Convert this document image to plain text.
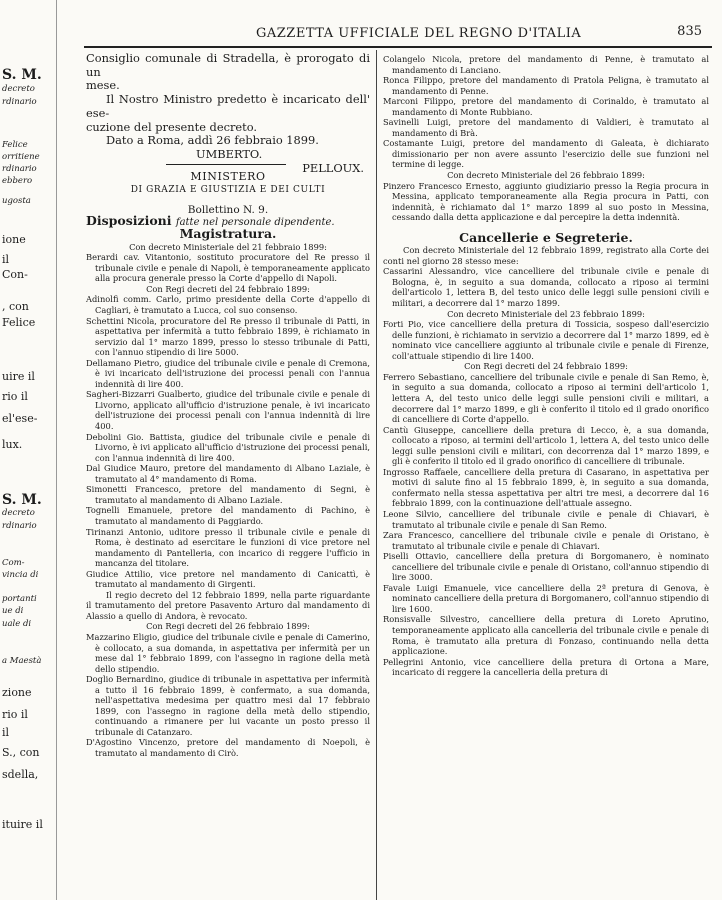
S. M.
decreto
rdinario
Felice
orritiene
rdinario
ebbero
ugosta
ione
il
Con-
, con
Felice
uire il
rio il
el'ese-
lux.
S. M.
decreto
rdinario
Com-
vincia di
portanti
ue di
uale di
a Maestà
zione
rio il
il
S., con
sdella,
ituire il
GAZZETTA UFFICIALE DEL REGNO D'ITALIA	835

Consiglio comunale di Stradella, è prorogato di un

mese.

Il Nostro Ministro predetto è incaricato dell' ese-

cuzione del presente decreto.

Dato a Roma, addì 26 febbraio 1899.

UMBERTO.

PELLOUX.

MINISTERO
DI GRAZIA E GIUSTIZIA E DEI CULTI
Bollettino N. 9.
Disposizioni fatte nel personale dipendente.
Magistratura.

Con decreto Ministeriale del 21 febbraio 1899:

Berardi cav. Vitantonio, sostituto procuratore del Re presso il tribunale civile e penale di Napoli, è temporaneamente applicato alla procura generale presso la Corte d'appello di Napoli.

Con Regi decreti del 24 febbraio 1899:

Adinolfi comm. Carlo, primo presidente della Corte d'appello di Cagliari, è tramutato a Lucca, col suo consenso.

Schettini Nicola, procuratore del Re presso il tribunale di Patti, in aspettativa per infermità a tutto febbraio 1899, è richiamato in servizio dal 1° marzo 1899, presso lo stesso tribunale di Patti, con l'annuo stipendio di lire 5000.

Dellamano Pietro, giudice del tribunale civile e penale di Cremona, è ivi incaricato dell'istruzione dei processi penali con l'annua indennità di lire 400.

Sagheri-Bizzarri Gualberto, giudice del tribunale civile e penale di Livorno, applicato all'ufficio d'istruzione penale, è ivi incaricato dell'istruzione dei processi penali con l'annua indennità di lire 400.

Debolini Gio. Battista, giudice del tribunale civile e penale di Livorno, è ivi applicato all'ufficio d'istruzione dei processi penali, con l'annua indennità di lire 400.

Dal Giudice Mauro, pretore del mandamento di Albano Laziale, è tramutato al 4° mandamento di Roma.

Simonetti Francesco, pretore del mandamento di Segni, è tramutato al mandamento di Albano Laziale.

Tognelli Emanuele, pretore del mandamento di Pachino, è tramutato al mandamento di Paggiardo.

Tirinanzi Antonio, uditore presso il tribunale civile e penale di Roma, è destinato ad esercitare le funzioni di vice pretore nel mandamento di Pantelleria, con incarico di reggere l'ufficio in mancanza del titolare.

Giudice Attilio, vice pretore nel mandamento di Canicattì, è tramutato al mandamento di Girgenti.

Il regio decreto del 12 febbraio 1899, nella parte riguardante il tramutamento del pretore Pasavento Arturo dal mandamento di Alassio a quello di Andora, è revocato.

Con Regi decreti del 26 febbraio 1899:

Mazzarino Eligio, giudice del tribunale civile e penale di Camerino, è collocato, a sua domanda, in aspettativa per infermità per un mese dal 1° febbraio 1899, con l'assegno in ragione della metà dello stipendio.

Doglio Bernardino, giudice di tribunale in aspettativa per infermità a tutto il 16 febbraio 1899, è confermato, a sua domanda, nell'aspettativa medesima per quattro mesi dal 17 febbraio 1899, con l'assegno in ragione della metà dello stipendio, continuando a rimanere per lui vacante un posto presso il tribunale di Catanzaro.

D'Agostino Vincenzo, pretore del mandamento di Noepoli, è tramutato al mandamento di Cirò.

Colangelo Nicola, pretore del mandamento di Penne, è tramutato al mandamento di Lanciano.

Ronca Filippo, pretore del mandamento di Pratola Peligna, è tramutato al mandamento di Penne.

Marconi Filippo, pretore del mandamento di Corinaldo, è tramutato al mandamento di Monte Rubbiano.

Savinelli Luigi, pretore del mandamento di Valdieri, è tramutato al mandamento di Brà.

Costamante Luigi, pretore del mandamento di Galeata, è dichiarato dimissionario per non avere assunto l'esercizio delle sue funzioni nel termine di legge.

Con decreto Ministeriale del 26 febbraio 1899:

Pinzero Francesco Ernesto, aggiunto giudiziario presso la Regia procura in Messina, applicato temporaneamente alla Regia procura in Patti, con indennità, è richiamato dal 1° marzo 1899 al suo posto in Messina, cessando dalla detta applicazione e dal percepire la detta indennità.

Cancellerie e Segreterie.

Con decreto Ministeriale del 12 febbraio 1899, registrato alla Corte dei conti nel giorno 28 stesso mese:

Cassarini Alessandro, vice cancelliere del tribunale civile e penale di Bologna, è, in seguito a sua domanda, collocato a riposo ai termini dell'articolo 1, lettera B, del testo unico delle leggi sulle pensioni civili e militari, a decorrere dal 1° marzo 1899.

Con decreto Ministeriale del 23 febbraio 1899:

Forti Pio, vice cancelliere della pretura di Tossicia, sospeso dall'esercizio delle funzioni, è richiamato in servizio a decorrere dal 1° marzo 1899, ed è nominato vice cancelliere aggiunto al tribunale civile e penale di Firenze, coll'attuale stipendio di lire 1400.

Con Regi decreti del 24 febbraio 1899:

Ferrero Sebastiano, cancelliere del tribunale civile e penale di San Remo, è, in seguito a sua domanda, collocato a riposo ai termini dell'articolo 1, lettera A, del testo unico delle leggi sulle pensioni civili e militari, a decorrere dal 1° marzo 1899, e gli è conferito il titolo ed il grado onorifico di cancelliere di Corte d'appello.

Cantù Giuseppe, cancelliere della pretura di Lecco, è, a sua domanda, collocato a riposo, ai termini dell'articolo 1, lettera A, del testo unico delle leggi sulle pensioni civili e militari, con decorrenza dal 1° marzo 1899, e gli è conferito il titolo ed il grado onorifico di cancelliere di tribunale.

Ingrosso Raffaele, cancelliere della pretura di Casarano, in aspettativa per motivi di salute fino al 15 febbraio 1899, è, in seguito a sua domanda, confermato nella stessa aspettativa per altri tre mesi, a decorrere dal 16 febbraio 1899, con la continuazione dell'attuale assegno.

Leone Silvio, cancelliere del tribunale civile e penale di Chiavari, è tramutato al tribunale civile e penale di San Remo.

Zara Francesco, cancelliere del tribunale civile e penale di Oristano, è tramutato al tribunale civile e penale di Chiavari.

Piselli Ottavio, cancelliere della pretura di Borgomanero, è nominato cancelliere del tribunale civile e penale di Oristano, coll'annuo stipendio di lire 3000.

Favale Luigi Emanuele, vice cancelliere della 2ª pretura di Genova, è nominato cancelliere della pretura di Borgomanero, coll'annuo stipendio di lire 1600.

Ronsisvalle Silvestro, cancelliere della pretura di Loreto Aprutino, temporaneamente applicato alla cancelleria del tribunale civile e penale di Roma, è tramutato alla pretura di Fonzaso, continuando nella detta applicazione.

Pellegrini Antonio, vice cancelliere della pretura di Ortona a Mare, incaricato di reggere la cancelleria della pretura di
